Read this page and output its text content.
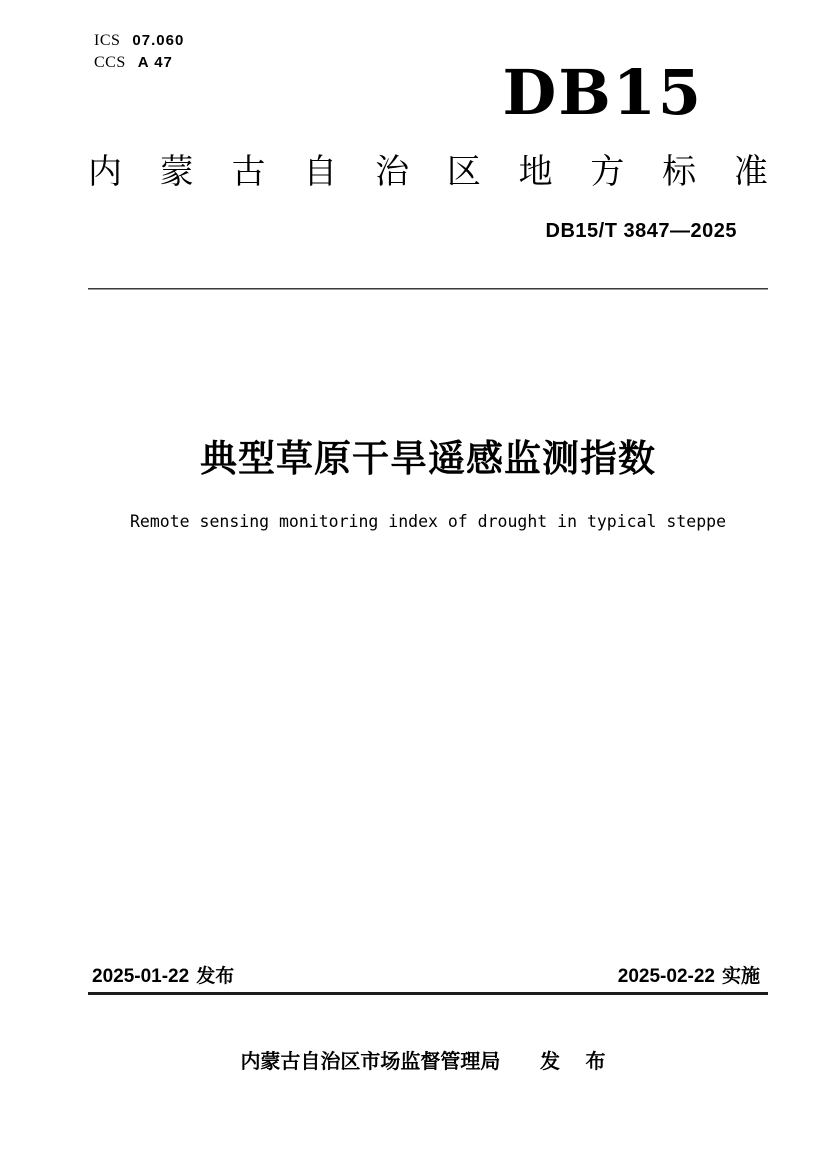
ICS 07.060
CCS A 47	DB15
内 蒙 古 自 治 区 地 方 标 准
DB15/T 3847—2025
典型草原干旱遥感监测指数
Remote sensing monitoring index of drought in typical steppe
2025-01-22 发布	2025-02-22 实施
内蒙古自治区市场监督管理局 发 布
